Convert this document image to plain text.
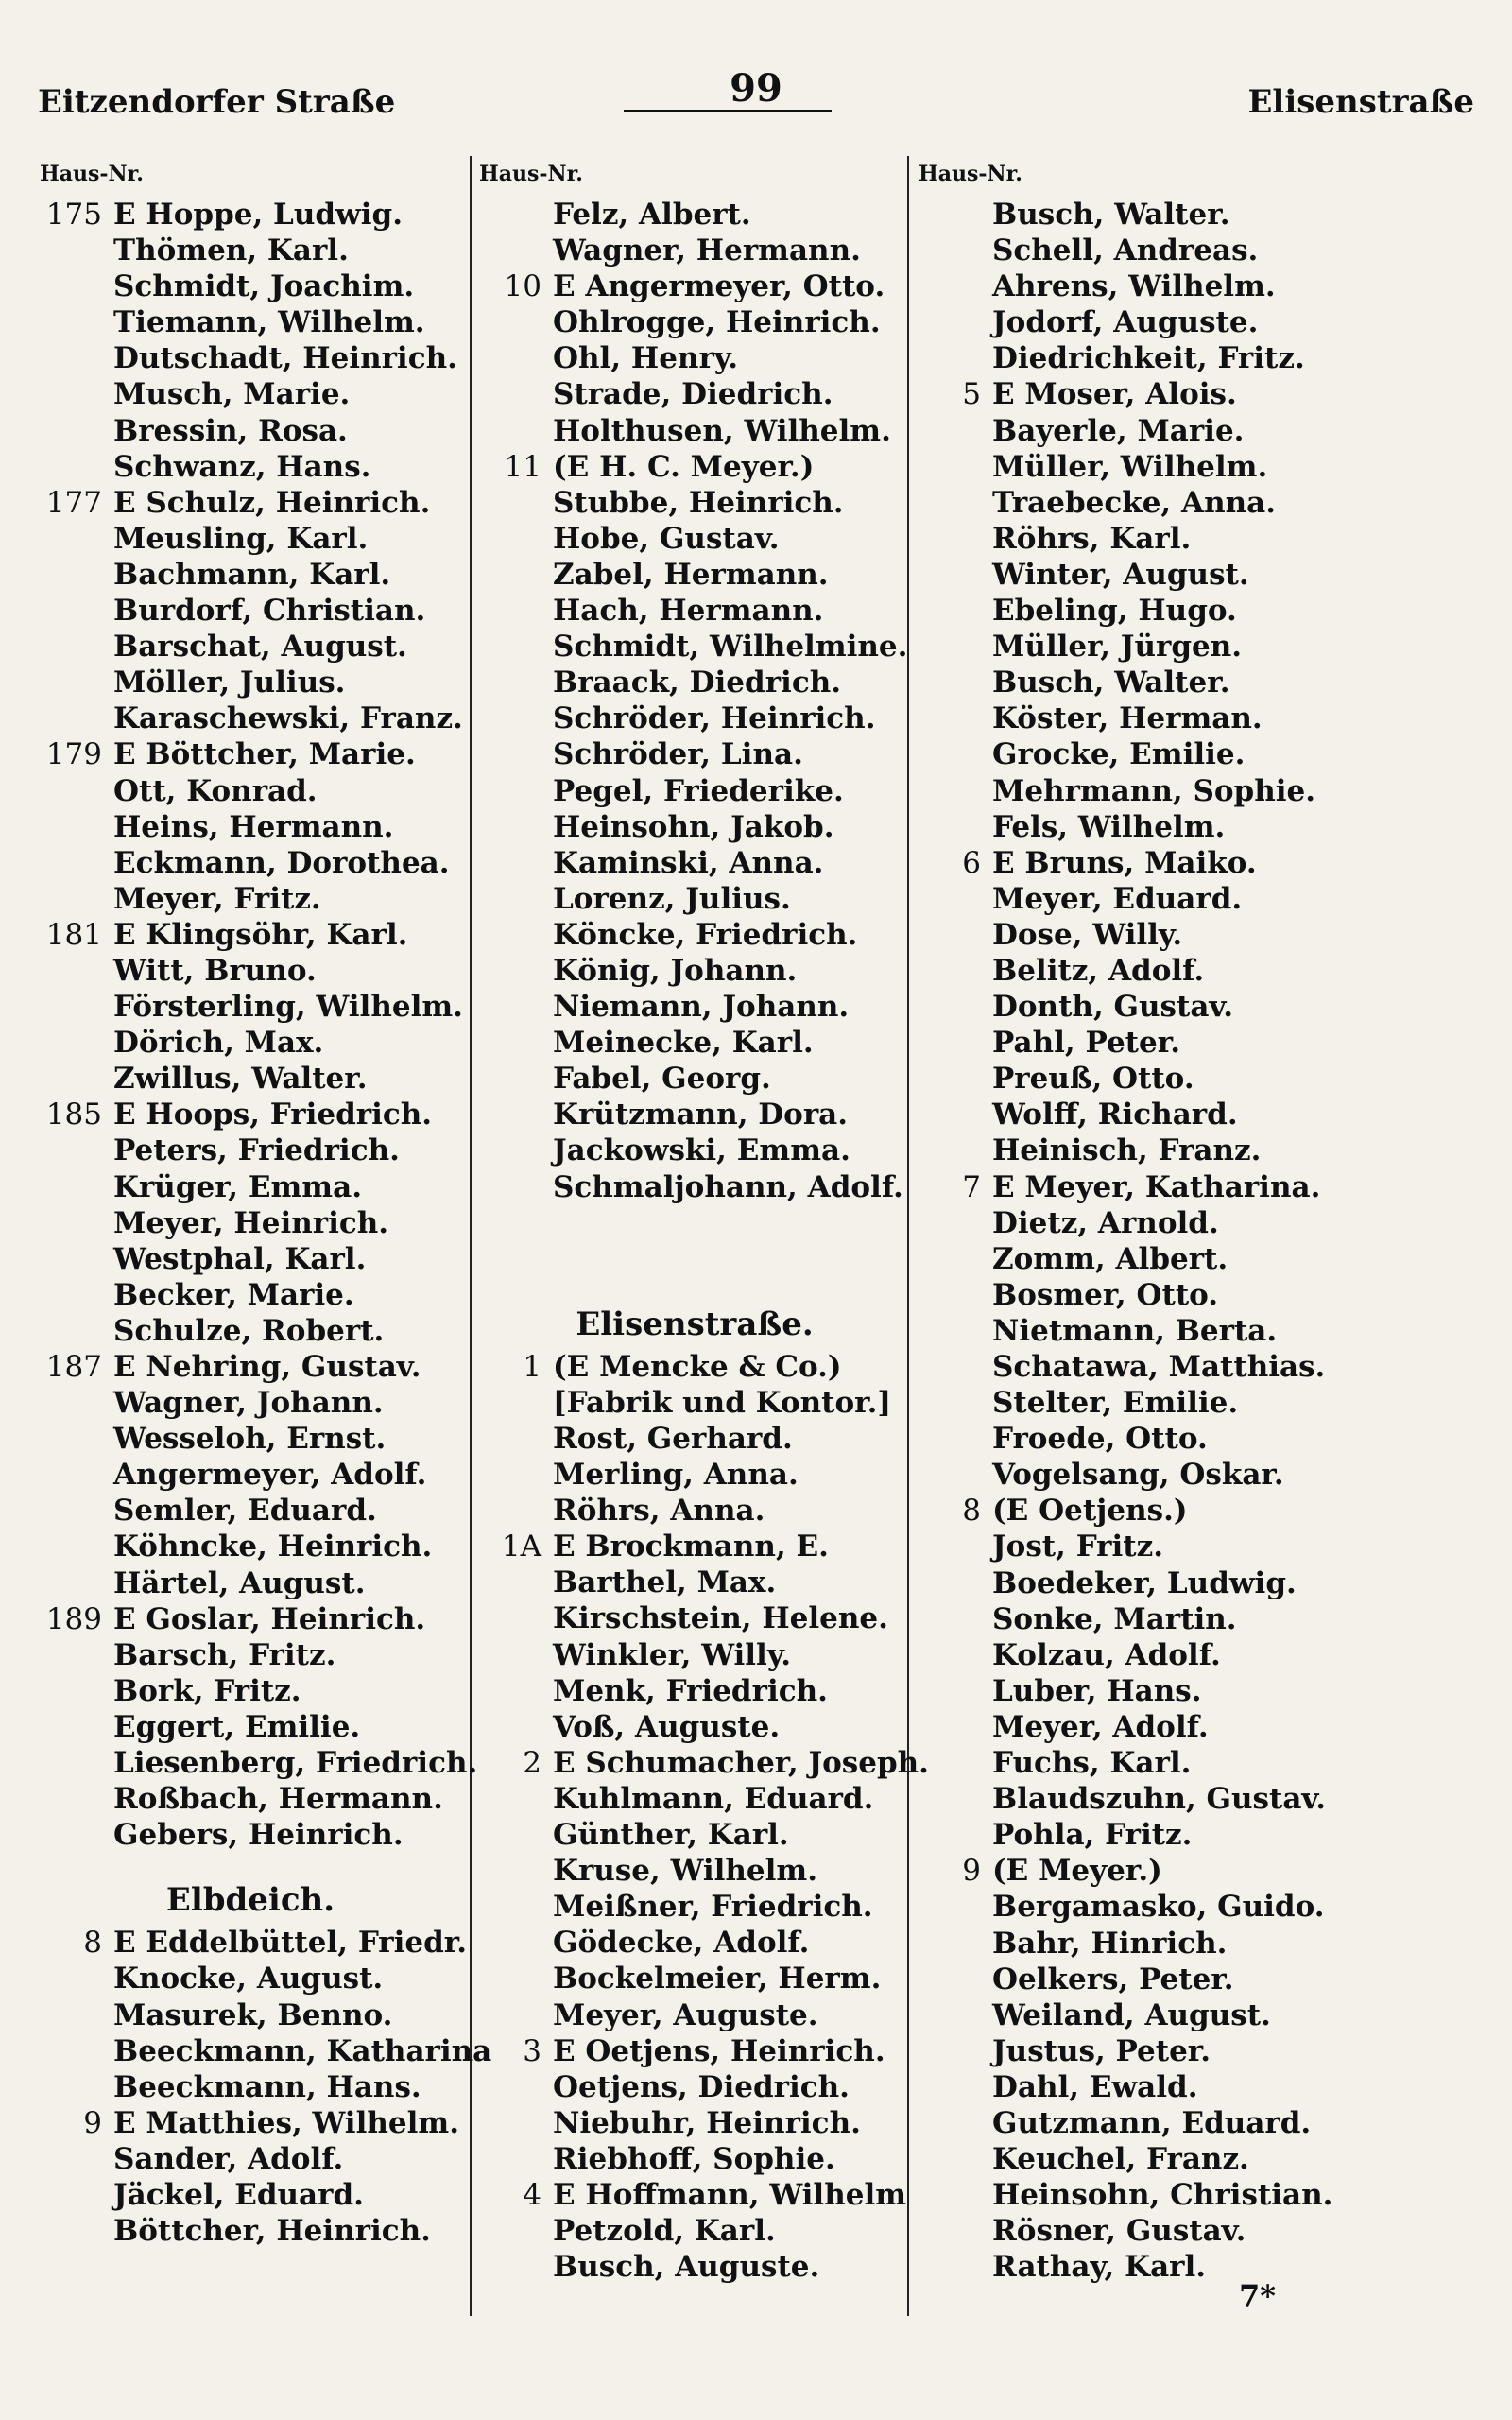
Eitzendorfer Straße	99	Elisenstraße
Haus-Nr.
175 E Hoppe, Ludwig.
Thömen, Karl.
Schmidt, Joachim.
Tiemann, Wilhelm.
Dutschadt, Heinrich.
Musch, Marie.
Bressin, Rosa.
Schwanz, Hans.
177 E Schulz, Heinrich.
Meusling, Karl.
Bachmann, Karl.
Burdorf, Christian.
Barschat, August.
Möller, Julius.
Karaschewski, Franz.
179 E Böttcher, Marie.
Ott, Konrad.
Heins, Hermann.
Eckmann, Dorothea.
Meyer, Fritz.
181 E Klingsöhr, Karl.
Witt, Bruno.
Försterling, Wilhelm.
Dörich, Max.
Zwillus, Walter.
185 E Hoops, Friedrich.
Peters, Friedrich.
Krüger, Emma.
Meyer, Heinrich.
Westphal, Karl.
Becker, Marie.
Schulze, Robert.
187 E Nehring, Gustav.
Wagner, Johann.
Wesseloh, Ernst.
Angermeyer, Adolf.
Semler, Eduard.
Köhncke, Heinrich.
Härtel, August.
189 E Goslar, Heinrich.
Barsch, Fritz.
Bork, Fritz.
Eggert, Emilie.
Liesenberg, Friedrich.
Roßbach, Hermann.
Gebers, Heinrich.
Elbdeich.
8 E Eddelbüttel, Friedr.
Knocke, August.
Masurek, Benno.
Beeckmann, Katharina
Beeckmann, Hans.
9 E Matthies, Wilhelm.
Sander, Adolf.
Jäckel, Eduard.
Böttcher, Heinrich.
Haus-Nr.
Felz, Albert.
Wagner, Hermann.
10 E Angermeyer, Otto.
Ohlrogge, Heinrich.
Ohl, Henry.
Strade, Diedrich.
Holthusen, Wilhelm.
11 (E H. C. Meyer.)
Stubbe, Heinrich.
Hobe, Gustav.
Zabel, Hermann.
Hach, Hermann.
Schmidt, Wilhelmine.
Braack, Diedrich.
Schröder, Heinrich.
Schröder, Lina.
Pegel, Friederike.
Heinsohn, Jakob.
Kaminski, Anna.
Lorenz, Julius.
Köncke, Friedrich.
König, Johann.
Niemann, Johann.
Meinecke, Karl.
Fabel, Georg.
Krützmann, Dora.
Jackowski, Emma.
Schmaljohann, Adolf.
Elisenstraße.
1 (E Mencke & Co.)
[Fabrik und Kontor.]
Rost, Gerhard.
Merling, Anna.
Röhrs, Anna.
1A E Brockmann, E.
Barthel, Max.
Kirschstein, Helene.
Winkler, Willy.
Menk, Friedrich.
Voß, Auguste.
2 E Schumacher, Joseph.
Kuhlmann, Eduard.
Günther, Karl.
Kruse, Wilhelm.
Meißner, Friedrich.
Gödecke, Adolf.
Bockelmeier, Herm.
Meyer, Auguste.
3 E Oetjens, Heinrich.
Oetjens, Diedrich.
Niebuhr, Heinrich.
Riebhoff, Sophie.
4 E Hoffmann, Wilhelm
Petzold, Karl.
Busch, Auguste.
Haus-Nr.
Busch, Walter.
Schell, Andreas.
Ahrens, Wilhelm.
Jodorf, Auguste.
Diedrichkeit, Fritz.
5 E Moser, Alois.
Bayerle, Marie.
Müller, Wilhelm.
Traebecke, Anna.
Röhrs, Karl.
Winter, August.
Ebeling, Hugo.
Müller, Jürgen.
Busch, Walter.
Köster, Herman.
Grocke, Emilie.
Mehrmann, Sophie.
Fels, Wilhelm.
6 E Bruns, Maiko.
Meyer, Eduard.
Dose, Willy.
Belitz, Adolf.
Donth, Gustav.
Pahl, Peter.
Preuß, Otto.
Wolff, Richard.
Heinisch, Franz.
7 E Meyer, Katharina.
Dietz, Arnold.
Zomm, Albert.
Bosmer, Otto.
Nietmann, Berta.
Schatawa, Matthias.
Stelter, Emilie.
Froede, Otto.
Vogelsang, Oskar.
8 (E Oetjens.)
Jost, Fritz.
Boedeker, Ludwig.
Sonke, Martin.
Kolzau, Adolf.
Luber, Hans.
Meyer, Adolf.
Fuchs, Karl.
Blaudszuhn, Gustav.
Pohla, Fritz.
9 (E Meyer.)
Bergamasko, Guido.
Bahr, Hinrich.
Oelkers, Peter.
Weiland, August.
Justus, Peter.
Dahl, Ewald.
Gutzmann, Eduard.
Keuchel, Franz.
Heinsohn, Christian.
Rösner, Gustav.
Rathay, Karl.
7*
